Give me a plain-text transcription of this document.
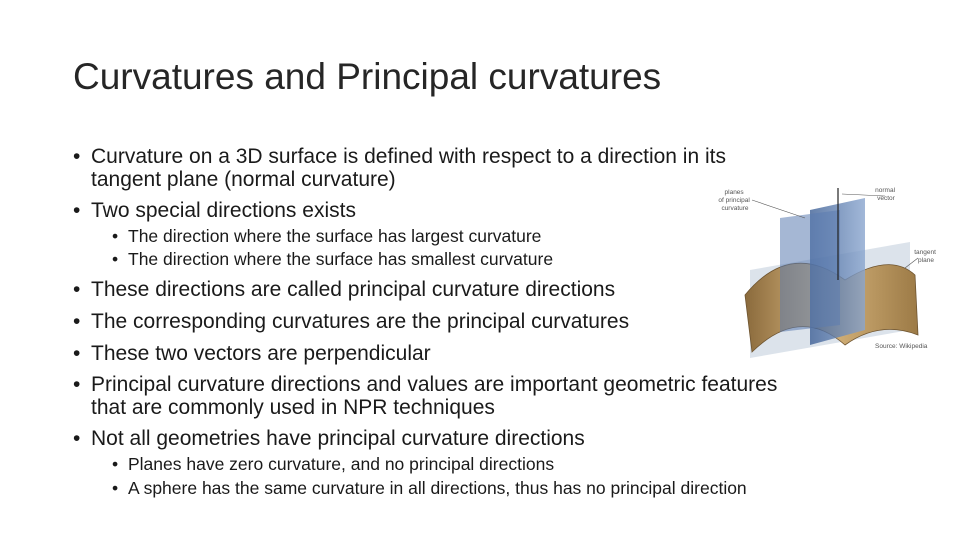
Curvatures and Principal curvatures
• Curvature on a 3D surface is defined with respect to a direction in its
tangent plane (normal curvature)
• Two special directions exists
• The direction where the surface has largest curvature
• The direction where the surface has smallest curvature
• These directions are called principal curvature directions
• The corresponding curvatures are the principal curvatures
• These two vectors are perpendicular
• Principal curvature directions and values are important geometric features
that are commonly used in NPR techniques
• Not all geometries have principal curvature directions
• Planes have zero curvature, and no principal directions
• A sphere has the same curvature in all directions, thus has no principal direction
planes of principal curvature
normal vector
tangent plane
Source: Wikipedia
